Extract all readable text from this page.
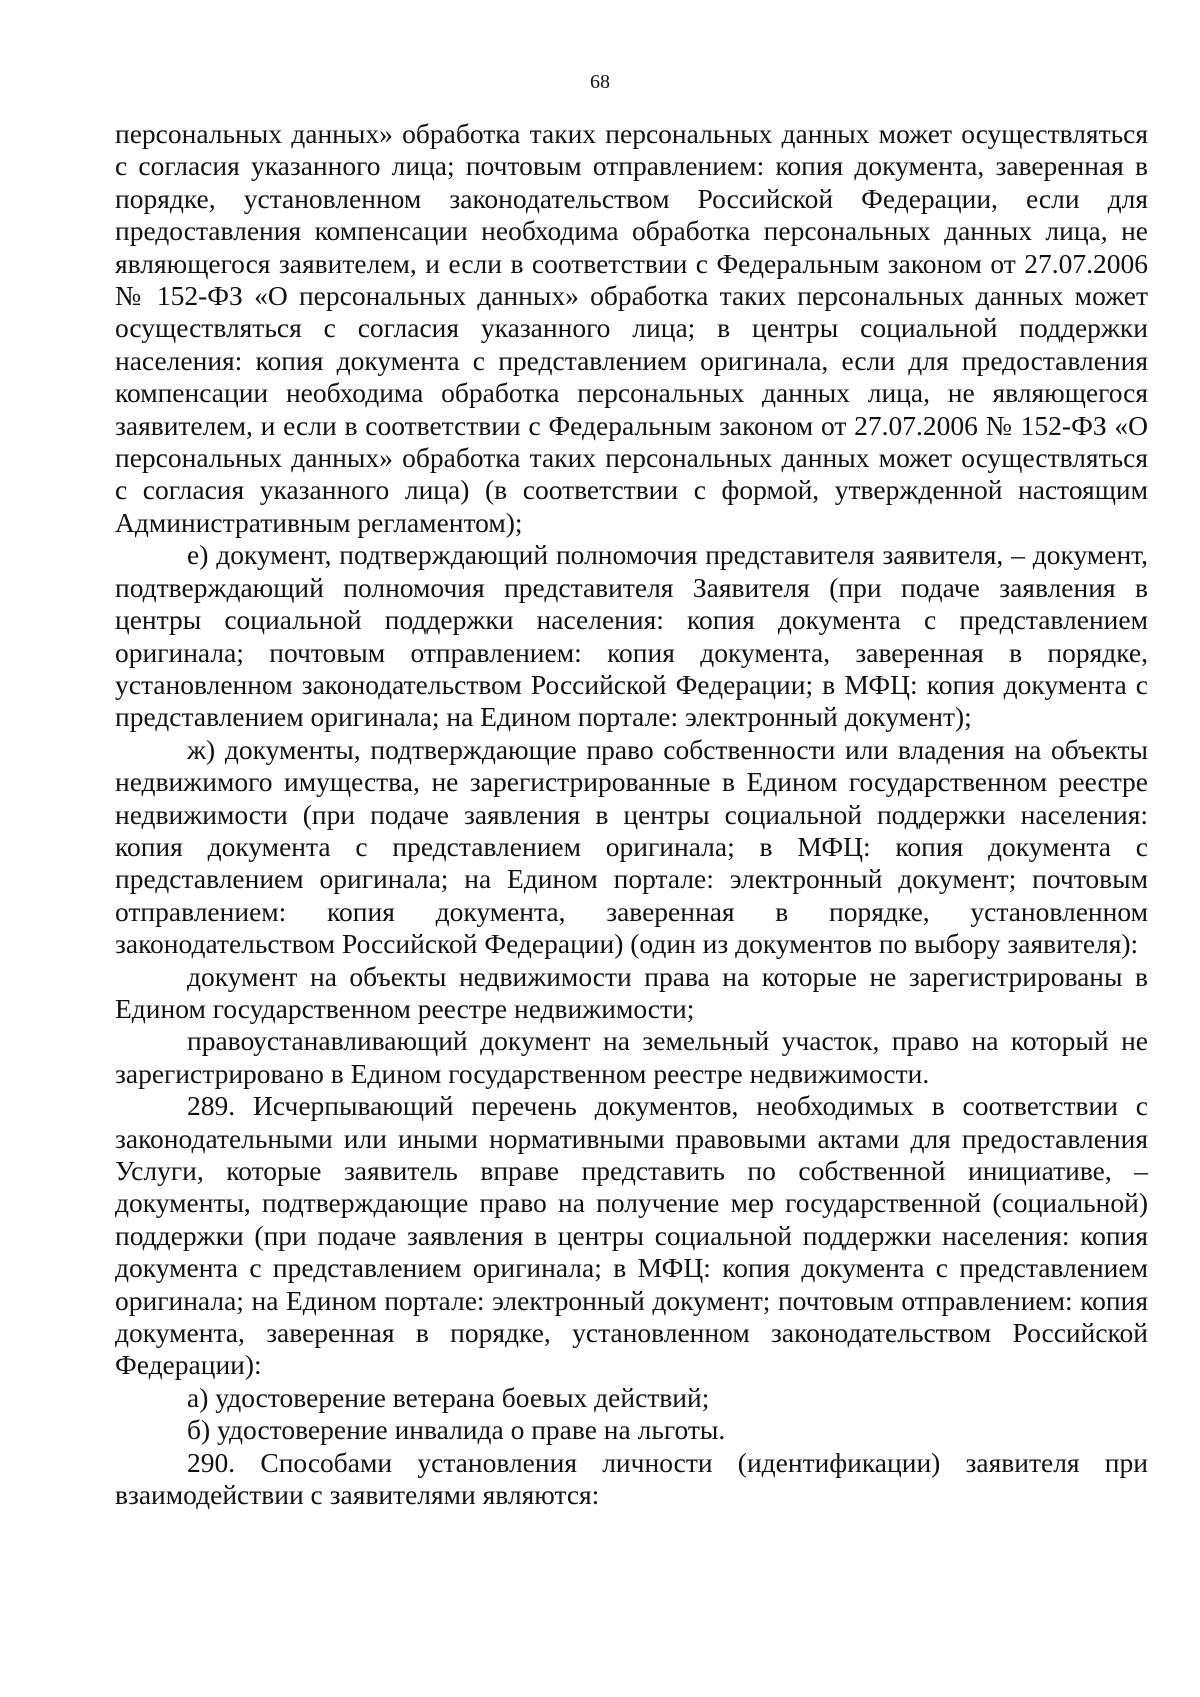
68

персональных данных» обработка таких персональных данных может осуществляться с согласия указанного лица; почтовым отправлением: копия документа, заверенная в порядке, установленном законодательством Российской Федерации, если для предоставления компенсации необходима обработка персональных данных лица, не являющегося заявителем, и если в соответствии с Федеральным законом от 27.07.2006 № 152-ФЗ «О персональных данных» обработка таких персональных данных может осуществляться с согласия указанного лица; в центры социальной поддержки населения: копия документа с представлением оригинала, если для предоставления компенсации необходима обработка персональных данных лица, не являющегося заявителем, и если в соответствии с Федеральным законом от 27.07.2006 № 152-ФЗ «О персональных данных» обработка таких персональных данных может осуществляться с согласия указанного лица) (в соответствии с формой, утвержденной настоящим Административным регламентом);

е) документ, подтверждающий полномочия представителя заявителя, – документ, подтверждающий полномочия представителя Заявителя (при подаче заявления в центры социальной поддержки населения: копия документа с представлением оригинала; почтовым отправлением: копия документа, заверенная в порядке, установленном законодательством Российской Федерации; в МФЦ: копия документа с представлением оригинала; на Едином портале: электронный документ);

ж) документы, подтверждающие право собственности или владения на объекты недвижимого имущества, не зарегистрированные в Едином государственном реестре недвижимости (при подаче заявления в центры социальной поддержки населения: копия документа с представлением оригинала; в МФЦ: копия документа с представлением оригинала; на Едином портале: электронный документ; почтовым отправлением: копия документа, заверенная в порядке, установленном законодательством Российской Федерации) (один из документов по выбору заявителя):

документ на объекты недвижимости права на которые не зарегистрированы в Едином государственном реестре недвижимости;

правоустанавливающий документ на земельный участок, право на который не зарегистрировано в Едином государственном реестре недвижимости.

289. Исчерпывающий перечень документов, необходимых в соответствии с законодательными или иными нормативными правовыми актами для предоставления Услуги, которые заявитель вправе представить по собственной инициативе, – документы, подтверждающие право на получение мер государственной (социальной) поддержки (при подаче заявления в центры социальной поддержки населения: копия документа с представлением оригинала; в МФЦ: копия документа с представлением оригинала; на Едином портале: электронный документ; почтовым отправлением: копия документа, заверенная в порядке, установленном законодательством Российской Федерации):

а) удостоверение ветерана боевых действий;

б) удостоверение инвалида о праве на льготы.

290. Способами установления личности (идентификации) заявителя при взаимодействии с заявителями являются:
